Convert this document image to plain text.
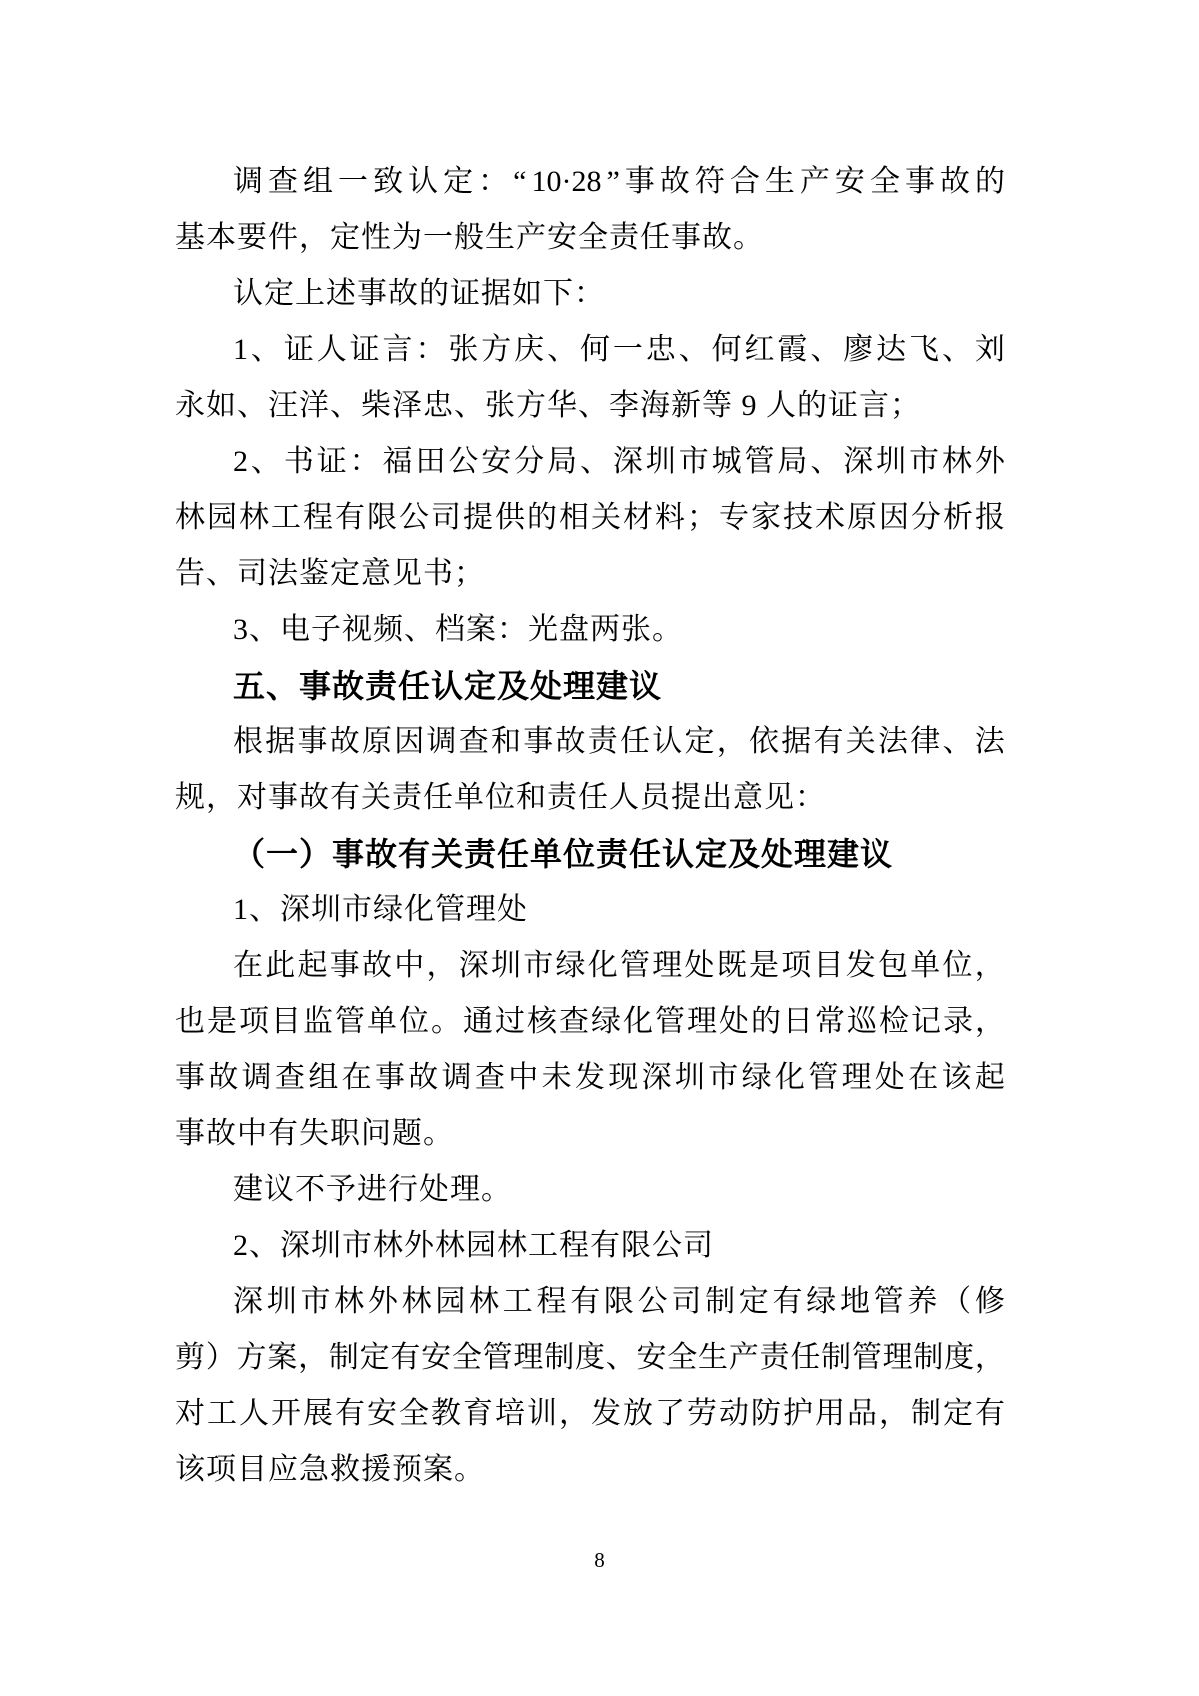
调 查 组 一 致 认 定 ： “ 10·28 ” 事 故 符 合 生 产 安 全 事 故 的
基本要件，定性为一般生产安全责任事故。
认定上述事故的证据如下：
1 、 证 人 证 言 ： 张 方 庆 、 何 一 忠 、 何 红 霞 、 廖 达 飞 、 刘
永如、汪洋、柴泽忠、张方华、李海新等 9 人的证言；
2 、 书 证 ： 福 田 公 安 分 局 、 深 圳 市 城 管 局 、 深 圳 市 林 外
林 园 林 工 程 有 限 公 司 提 供 的 相 关 材 料 ； 专 家 技 术 原 因 分 析 报
告、司法鉴定意见书；
3、电子视频、档案：光盘两张。
五、事故责任认定及处理建议
根 据 事 故 原 因 调 查 和 事 故 责 任 认 定 ， 依 据 有 关 法 律 、 法
规，对事故有关责任单位和责任人员提出意见：
（一）事故有关责任单位责任认定及处理建议
1、深圳市绿化管理处
在 此 起 事 故 中 ， 深 圳 市 绿 化 管 理 处 既 是 项 目 发 包 单 位 ，
也 是 项 目 监 管 单 位 。 通 过 核 查 绿 化 管 理 处 的 日 常 巡 检 记 录 ，
事 故 调 查 组 在 事 故 调 查 中 未 发 现 深 圳 市 绿 化 管 理 处 在 该 起
事故中有失职问题。
建议不予进行处理。
2、深圳市林外林园林工程有限公司
深 圳 市 林 外 林 园 林 工 程 有 限 公 司 制 定 有 绿 地 管 养 （ 修
剪 ） 方 案 ， 制 定 有 安 全 管 理 制 度 、 安 全 生 产 责 任 制 管 理 制 度 ，
对 工 人 开 展 有 安 全 教 育 培 训 ， 发 放 了 劳 动 防 护 用 品 ， 制 定 有
该项目应急救援预案。
8
